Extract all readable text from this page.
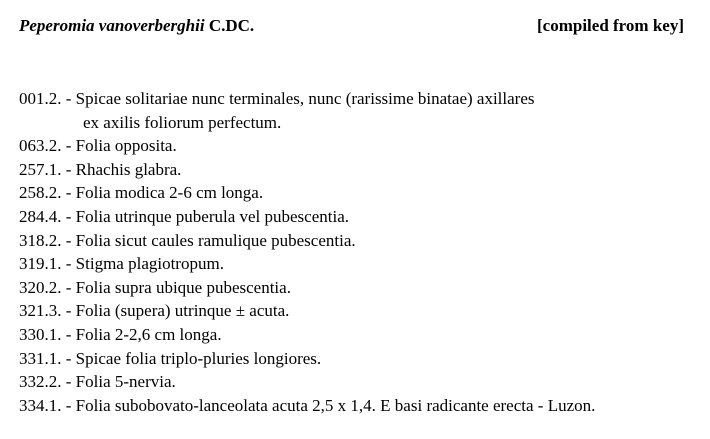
Peperomia vanoverberghii C.DC.	[compiled from key]
001.2. - Spicae solitariae nunc terminales, nunc (rarissime binatae) axillares
ex axilis foliorum perfectum.
063.2. - Folia opposita.
257.1. - Rhachis glabra.
258.2. - Folia modica 2-6 cm longa.
284.4. - Folia utrinque puberula vel pubescentia.
318.2. - Folia sicut caules ramulique pubescentia.
319.1. - Stigma plagiotropum.
320.2. - Folia supra ubique pubescentia.
321.3. - Folia (supera) utrinque ± acuta.
330.1. - Folia 2-2,6 cm longa.
331.1. - Spicae folia triplo-pluries longiores.
332.2. - Folia 5-nervia.
334.1. - Folia subobovato-lanceolata acuta 2,5 x 1,4. E basi radicante erecta - Luzon.
